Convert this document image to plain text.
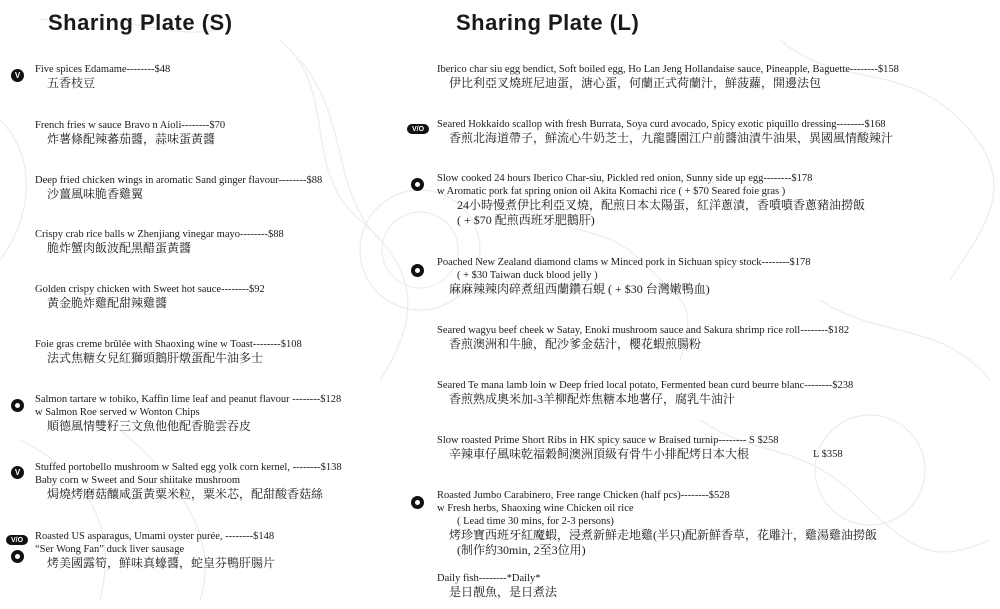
Sharing Plate (S)
V
Five spices Edamame--------$48
五香枝豆
French fries w sauce Bravo n Aioli--------$70
炸薯條配辣蕃茄醬，蒜味蛋黃醬
Deep fried chicken wings in aromatic Sand ginger flavour--------$88
沙薑風味脆香雞翼
Crispy crab rice balls w Zhenjiang vinegar mayo--------$88
脆炸蟹肉飯波配黑醋蛋黃醬
Golden crispy chicken with Sweet hot sauce--------$92
黃金脆炸雞配甜辣雞醬
Foie gras creme brûlée with Shaoxing wine w Toast--------$108
法式焦糖女兒紅獅頭鵝肝燉蛋配牛油多士
Salmon tartare w tobiko, Kaffin lime leaf and peanut flavour --------$128
w Salmon Roe served w Wonton Chips
順德風情雙籽三文魚他他配香脆雲吞皮
V	Stuffed portobello mushroom w Salted egg yolk corn kernel, --------$138
Baby corn w Sweet and Sour shiitake mushroom
焗燒烤磨菇釀咸蛋黃粟米粒，粟米芯，配甜酸香菇絲
V/O	Roasted US asparagus, Umami oyster purée, --------$148
“Ser Wong Fan” duck liver sausage
烤美國露筍，鮮味真蠔醬，蛇皇芬鴨肝腸片
Sharing Plate (L)
Iberico char siu egg bendict, Soft boiled egg, Ho Lan Jeng Hollandaise sauce, Pineapple, Baguette--------$158
伊比利亞叉燒班尼迪蛋，溏心蛋，何蘭正式荷蘭汁，鮮菠蘿，開邊法包
V/O	Seared Hokkaido scallop with fresh Burrata, Soya curd avocado, Spicy exotic piquillo dressing--------$168
香煎北海道帶子，鮮流心牛奶芝士，九龍醬園江户前醬油漬牛油果，異國風情酸辣汁
Slow cooked 24 hours Iberico Char-siu, Pickled red onion, Sunny side up egg--------$178
w Aromatic pork fat spring onion oil Akita Komachi rice ( + $70 Seared foie gras )
24小時慢煮伊比利亞叉燒，配煎日本太陽蛋，紅洋蔥漬，香噴噴香蔥豬油撈飯
( + $70 配煎西班牙肥鵝肝)
Poached New Zealand diamond clams w Minced pork in Sichuan spicy stock--------$178
( + $30 Taiwan duck blood jelly )
麻麻辣辣肉碎煮紐西蘭鑽石蜆 ( + $30 台灣嫩鴨血)
Seared wagyu beef cheek w Satay, Enoki mushroom sauce and Sakura shrimp rice roll--------$182
香煎澳洲和牛臉，配沙爹金菇汁，櫻花蝦煎腸粉
Seared Te mana lamb loin w Deep fried local potato, Fermented bean curd beurre blanc--------$238
香煎熟成奧米加-3羊柳配炸焦糖本地薯仔，腐乳牛油汁
Slow roasted Prime Short Ribs in HK spicy sauce w Braised turnip-------- S $258
辛辣車仔風味乾福穀飼澳洲頂級有骨牛小排配烤日本大根	L $358
Roasted Jumbo Carabinero, Free range Chicken (half pcs)--------$528
w Fresh herbs, Shaoxing wine Chicken oil rice
( Lead time 30 mins, for 2-3 persons)
烤珍寶西班牙紅魔蝦，浸煮新鮮走地雞(半只)配新鮮香草，花雕汁，雞湯雞油撈飯
(制作約30min, 2至3位用)
Daily fish--------*Daily*
是日靓魚，是日煮法
